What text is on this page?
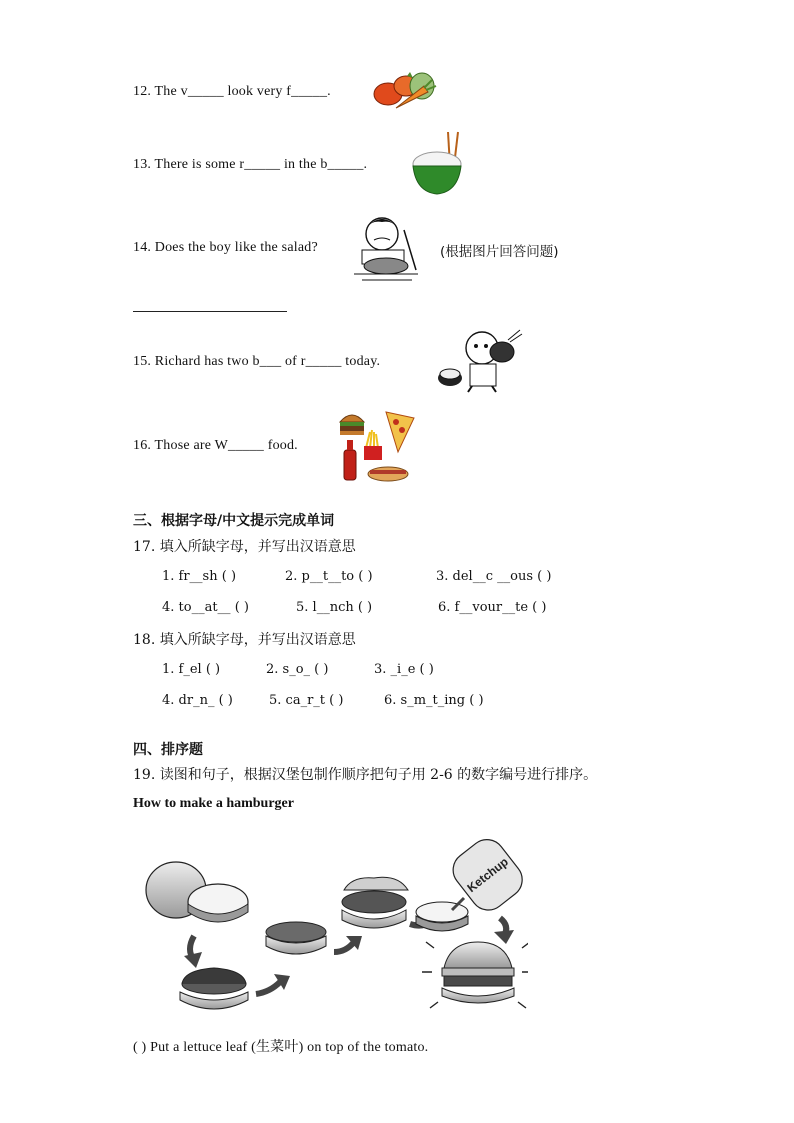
12. The v_____ look very f_____.
13. There is some r_____ in the b_____.
14. Does the boy like the salad?	(根据图片回答问题)
15. Richard has two b___ of r_____ today.
16. Those are W_____ food.
三、根据字母/中文提示完成单词
17. 填入所缺字母，并写出汉语意思
1. fr__sh ( )	2. p__t__to ( )	3. del__c __ous ( )
4. to__at__ ( )	5. l__nch ( )	6. f__vour__te ( )
18. 填入所缺字母，并写出汉语意思
1. f_el ( )	2. s_o_ ( )	3. _i_e ( )
4. dr_n_ ( )	5. ca_r_t ( )	6. s_m_t_ing ( )
四、排序题
19. 读图和句子，根据汉堡包制作顺序把句子用 2-6 的数字编号进行排序。
How to make a hamburger
Ketchup
( ) Put a lettuce leaf (生菜叶) on top of the tomato.
